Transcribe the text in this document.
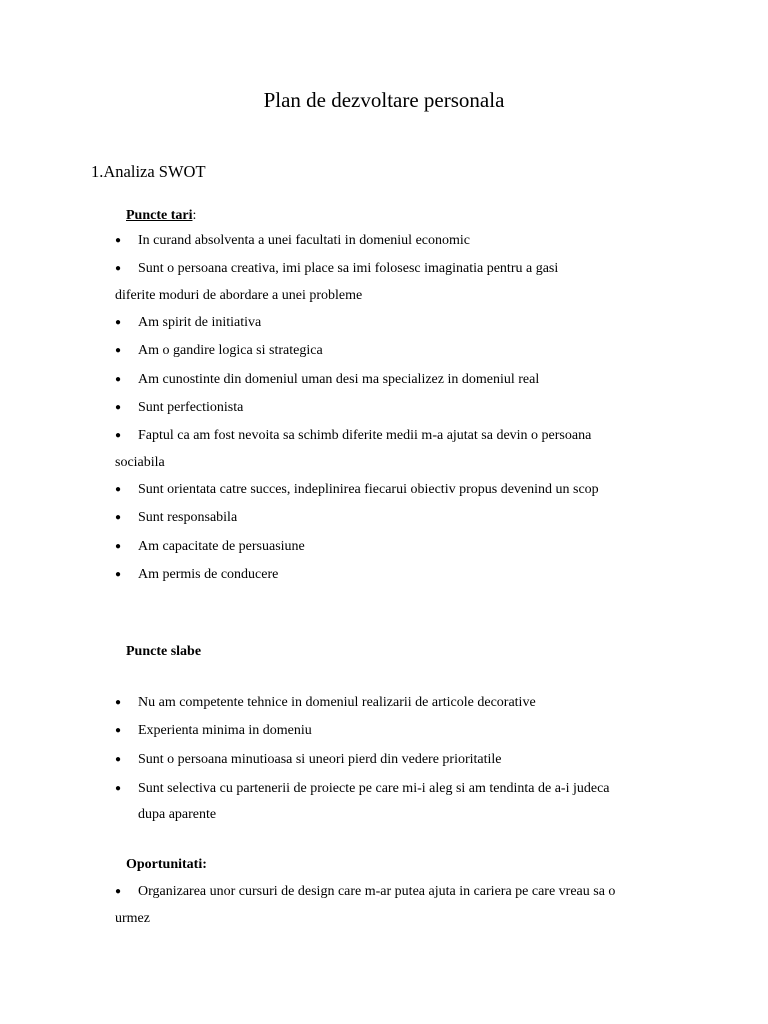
Plan de dezvoltare personala
1.Analiza SWOT
Puncte tari:
● In curand absolventa a unei facultati in domeniul economic
● Sunt o persoana creativa, imi place sa imi folosesc imaginatia pentru a gasi
diferite moduri de abordare a unei probleme
● Am spirit de initiativa
● Am o gandire logica si strategica
● Am cunostinte din domeniul uman desi ma specializez in domeniul real
● Sunt perfectionista
● Faptul ca am fost nevoita sa schimb diferite medii m-a ajutat sa devin o persoana
sociabila
● Sunt orientata catre succes, indeplinirea fiecarui obiectiv propus devenind un scop
● Sunt responsabila
● Am capacitate de persuasiune
● Am permis de conducere
Puncte slabe
● Nu am competente tehnice in domeniul realizarii de articole decorative
● Experienta minima in domeniu
● Sunt o persoana minutioasa si uneori pierd din vedere prioritatile
● Sunt selectiva cu partenerii de proiecte pe care mi-i aleg si am tendinta de a-i judeca
dupa aparente
Oportunitati:
● Organizarea unor cursuri de design care m-ar putea ajuta in cariera pe care vreau sa o
urmez
